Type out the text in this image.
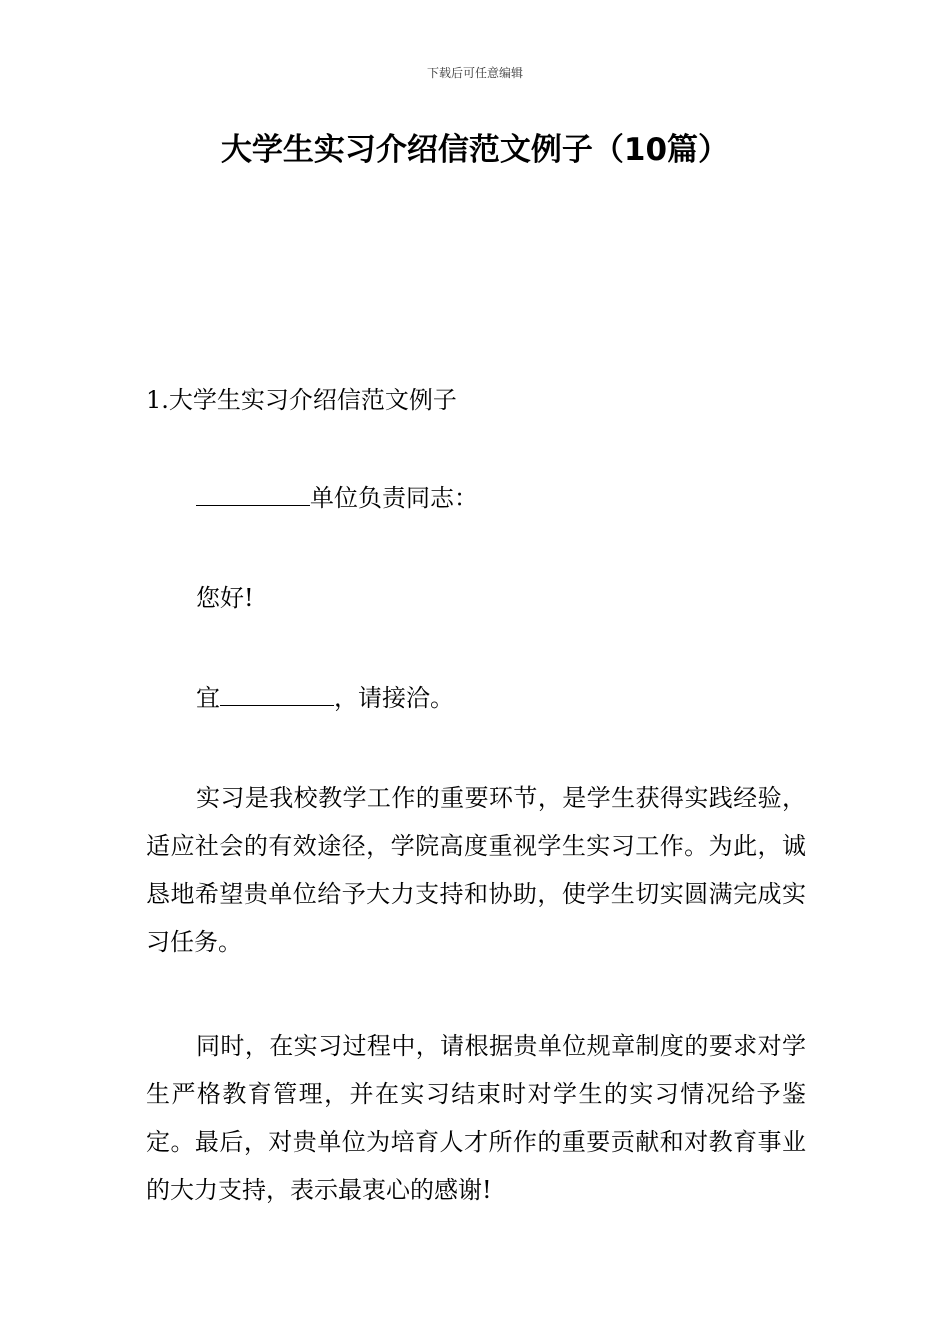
下载后可任意编辑
大学生实习介绍信范文例子（10篇）
1.大学生实习介绍信范文例子
单位负责同志：
您好!
宜	，请接洽。
实习是我校教学工作的重要环节，是学生获得实践经验，适应社会的有效途径，学院高度重视学生实习工作。为此，诚恳地希望贵单位给予大力支持和协助，使学生切实圆满完成实习任务。
同时，在实习过程中，请根据贵单位规章制度的要求对学生严格教育管理，并在实习结束时对学生的实习情况给予鉴定。最后，对贵单位为培育人才所作的重要贡献和对教育事业的大力支持，表示最衷心的感谢!
